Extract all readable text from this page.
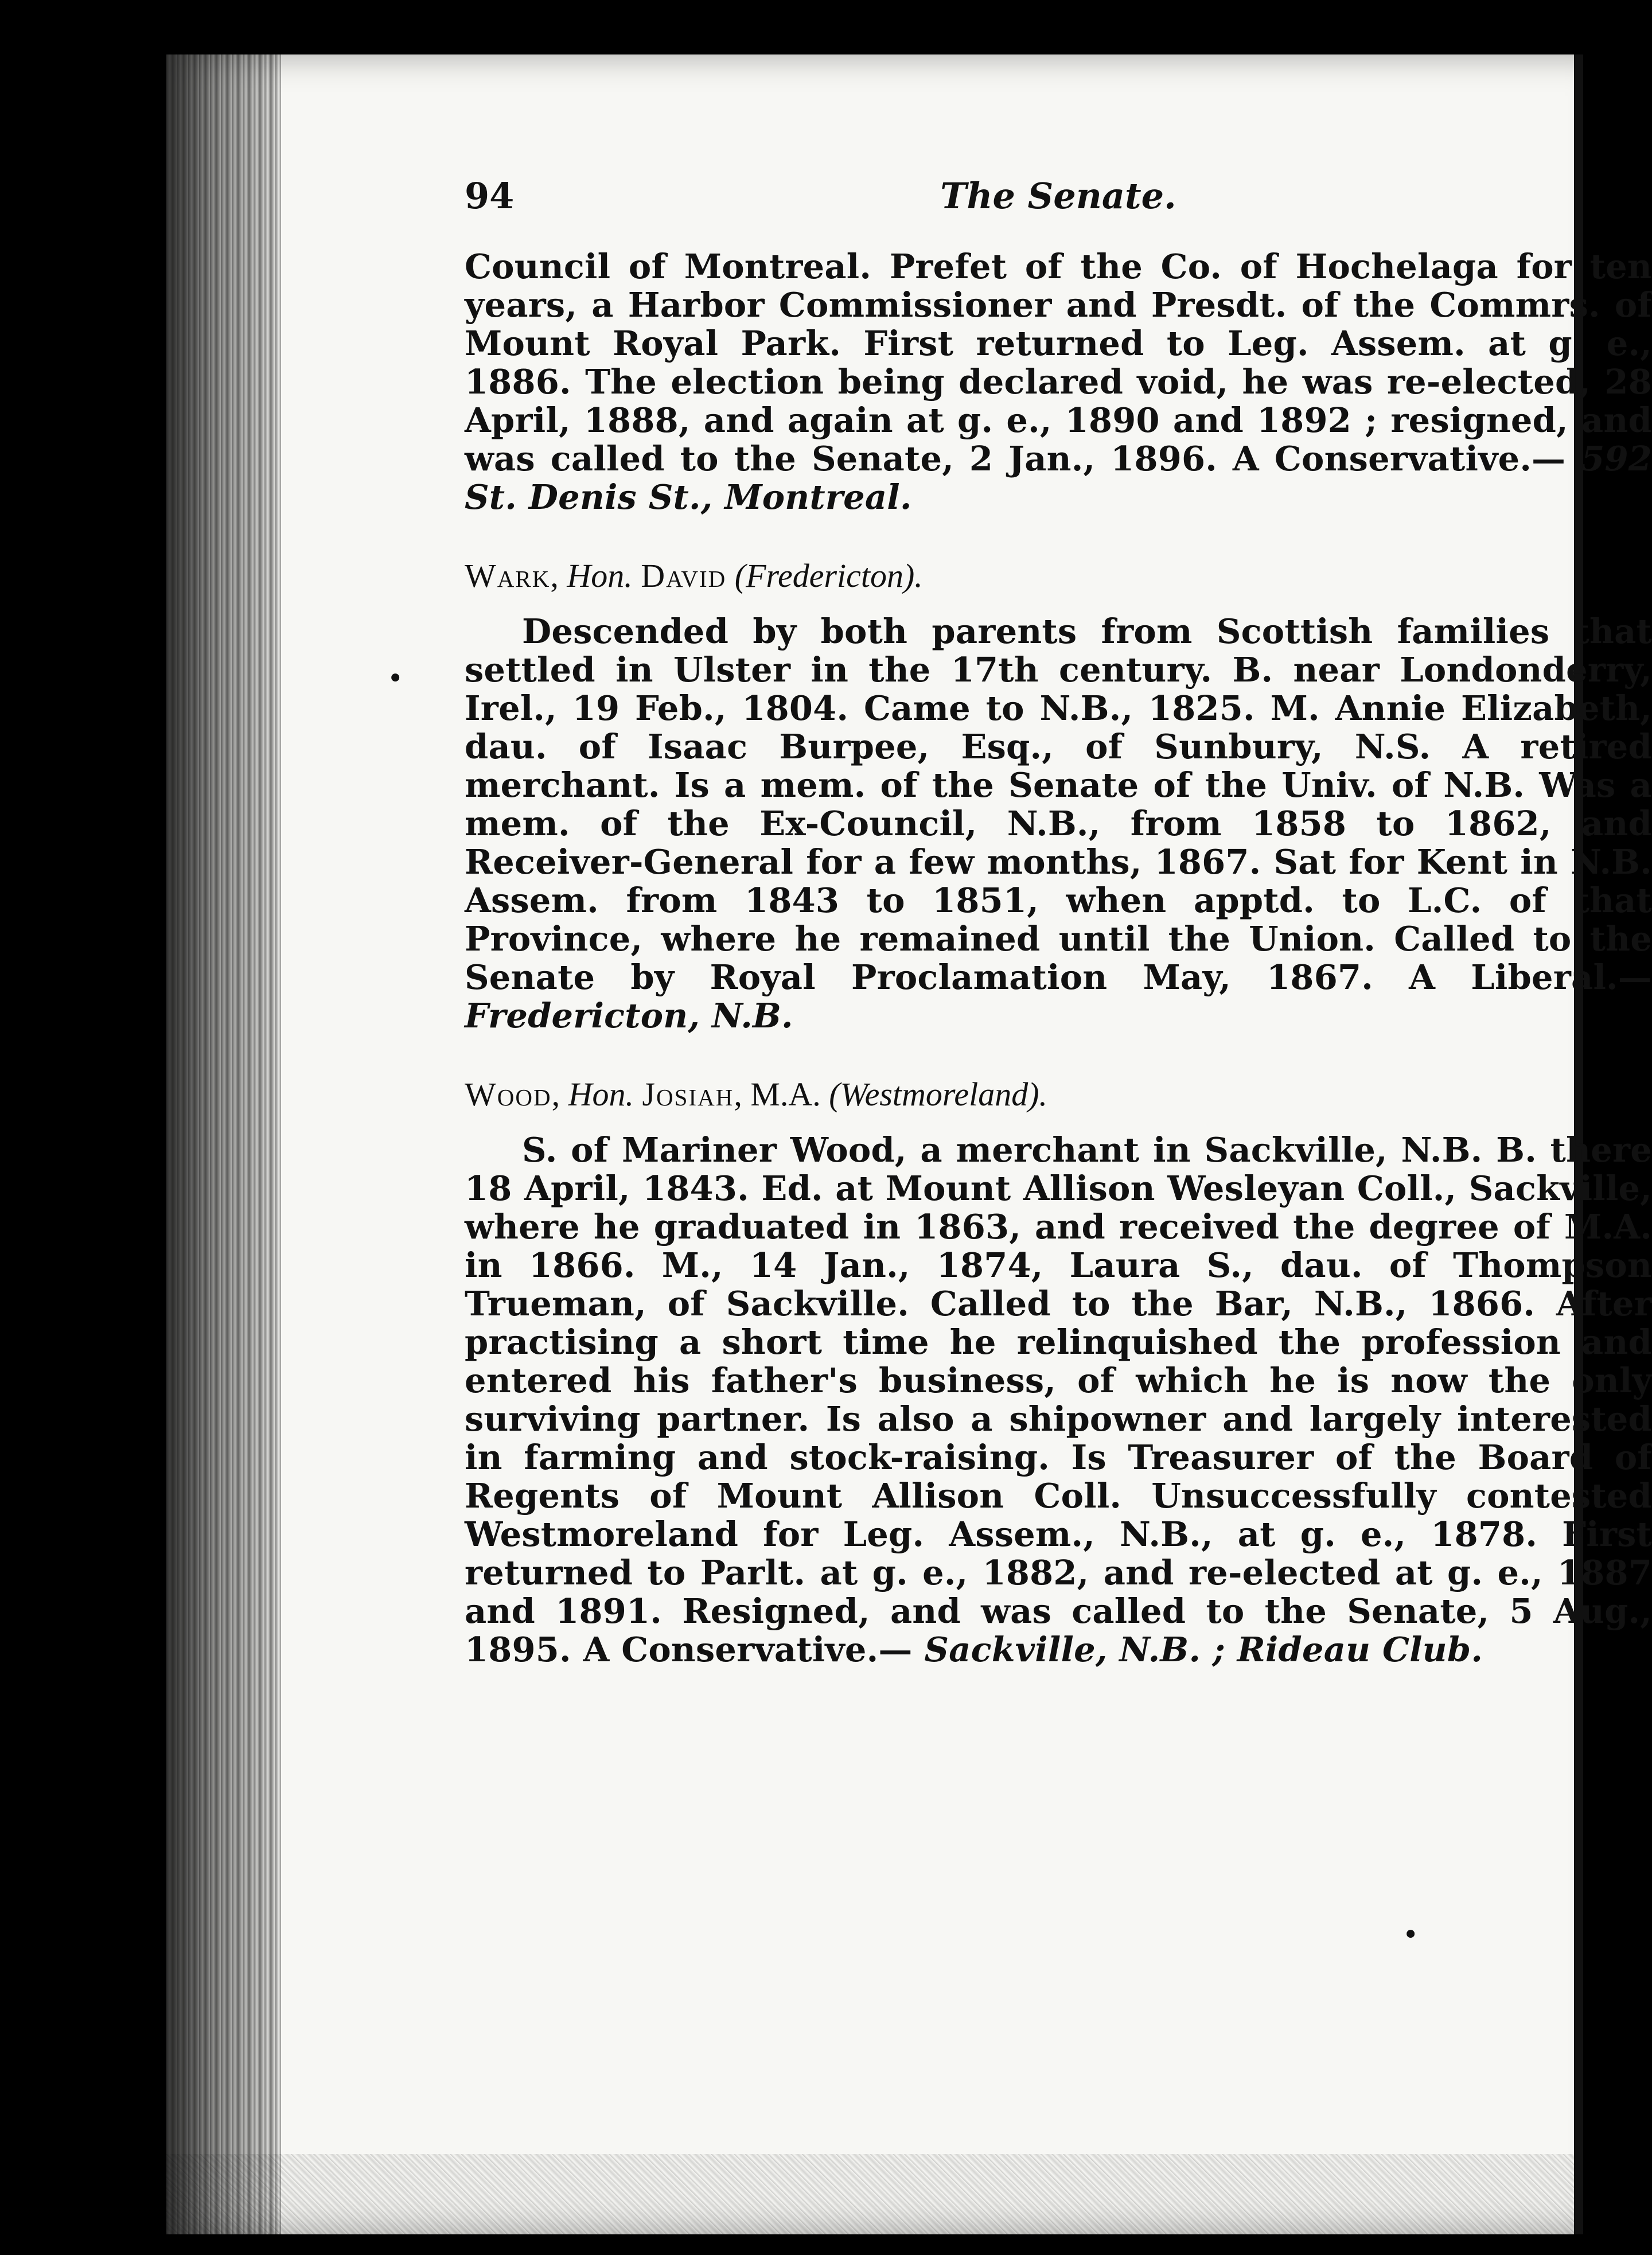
•
•
94	The Senate.

Council of Montreal. Prefet of the Co. of Hochelaga for ten years, a Harbor Commissioner and Presdt. of the Commrs. of Mount Royal Park. First returned to Leg. Assem. at g. e., 1886. The election being declared void, he was re-elected, 28 April, 1888, and again at g. e., 1890 and 1892 ; resigned, and was called to the Senate, 2 Jan., 1896. A Conservative.— 592 St. Denis St., Montreal.

Wark, Hon. David (Fredericton).

Descended by both parents from Scottish families that settled in Ulster in the 17th century. B. near Londonderry, Irel., 19 Feb., 1804. Came to N.B., 1825. M. Annie Elizabeth, dau. of Isaac Burpee, Esq., of Sunbury, N.S. A retired merchant. Is a mem. of the Senate of the Univ. of N.B. Was a mem. of the Ex-Council, N.B., from 1858 to 1862, and Receiver-General for a few months, 1867. Sat for Kent in N.B. Assem. from 1843 to 1851, when apptd. to L.C. of that Province, where he remained until the Union. Called to the Senate by Royal Proclamation May, 1867. A Liberal.— Fredericton, N.B.

Wood, Hon. Josiah, M.A. (Westmoreland).

S. of Mariner Wood, a merchant in Sackville, N.B. B. there 18 April, 1843. Ed. at Mount Allison Wesleyan Coll., Sackville, where he graduated in 1863, and received the degree of M.A. in 1866. M., 14 Jan., 1874, Laura S., dau. of Thompson Trueman, of Sackville. Called to the Bar, N.B., 1866. After practising a short time he relinquished the profession and entered his father's business, of which he is now the only surviving partner. Is also a shipowner and largely interested in farming and stock-raising. Is Treasurer of the Board of Regents of Mount Allison Coll. Unsuccessfully contested Westmoreland for Leg. Assem., N.B., at g. e., 1878. First returned to Parlt. at g. e., 1882, and re-elected at g. e., 1887 and 1891. Resigned, and was called to the Senate, 5 Aug., 1895. A Conservative.— Sackville, N.B. ; Rideau Club.
